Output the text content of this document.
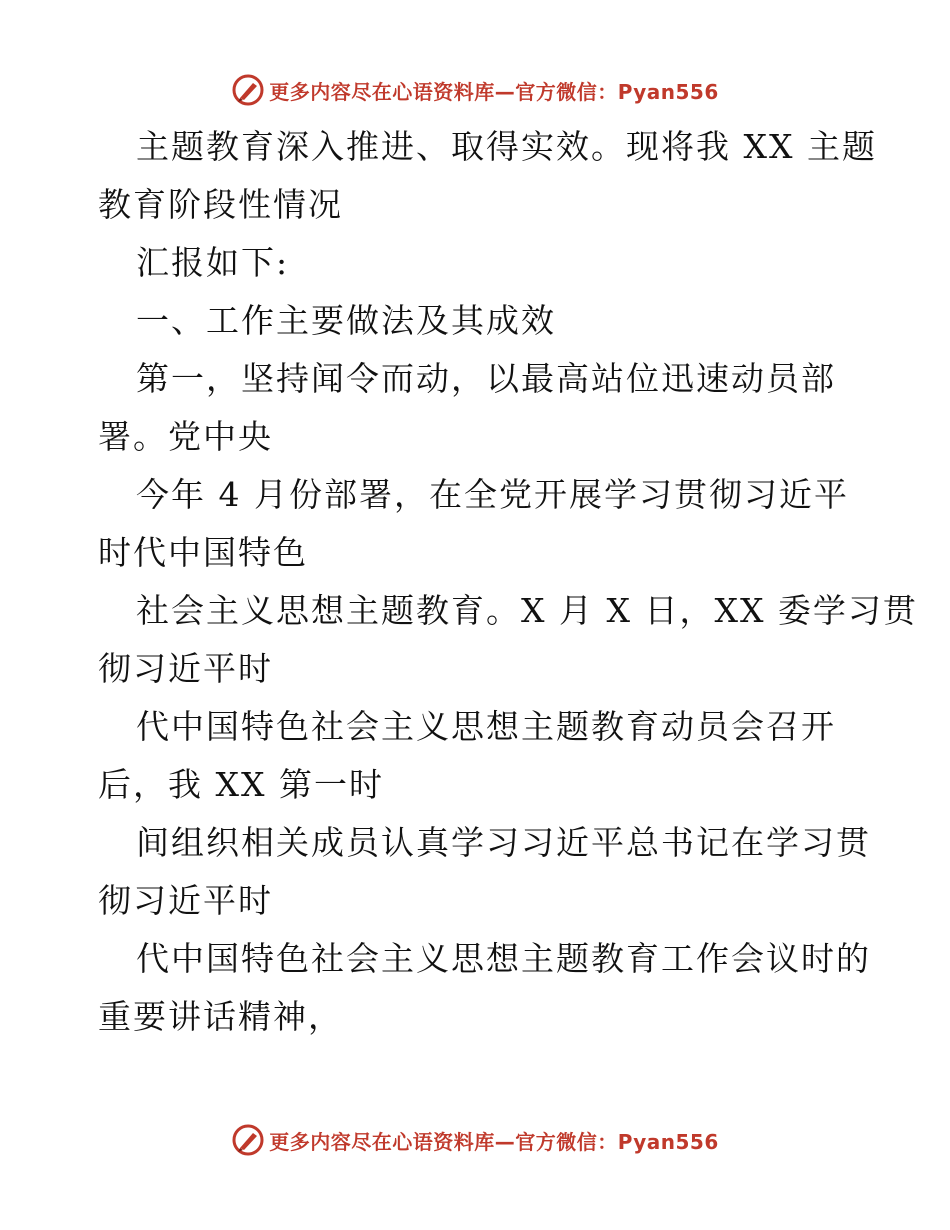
更多内容尽在心语资料库—官方微信：Pyan556
主题教育深入推进、取得实效。现将我 XX 主题
教育阶段性情况
汇报如下:
一、工作主要做法及其成效
第一，坚持闻令而动，以最高站位迅速动员部
署。党中央
今年 4 月份部署，在全党开展学习贯彻习近平
时代中国特色
社会主义思想主题教育。X 月 X 日，XX 委学习贯
彻习近平时
代中国特色社会主义思想主题教育动员会召开
后，我 XX 第一时
间组织相关成员认真学习习近平总书记在学习贯
彻习近平时
代中国特色社会主义思想主题教育工作会议时的
重要讲话精神，
更多内容尽在心语资料库—官方微信：Pyan556
